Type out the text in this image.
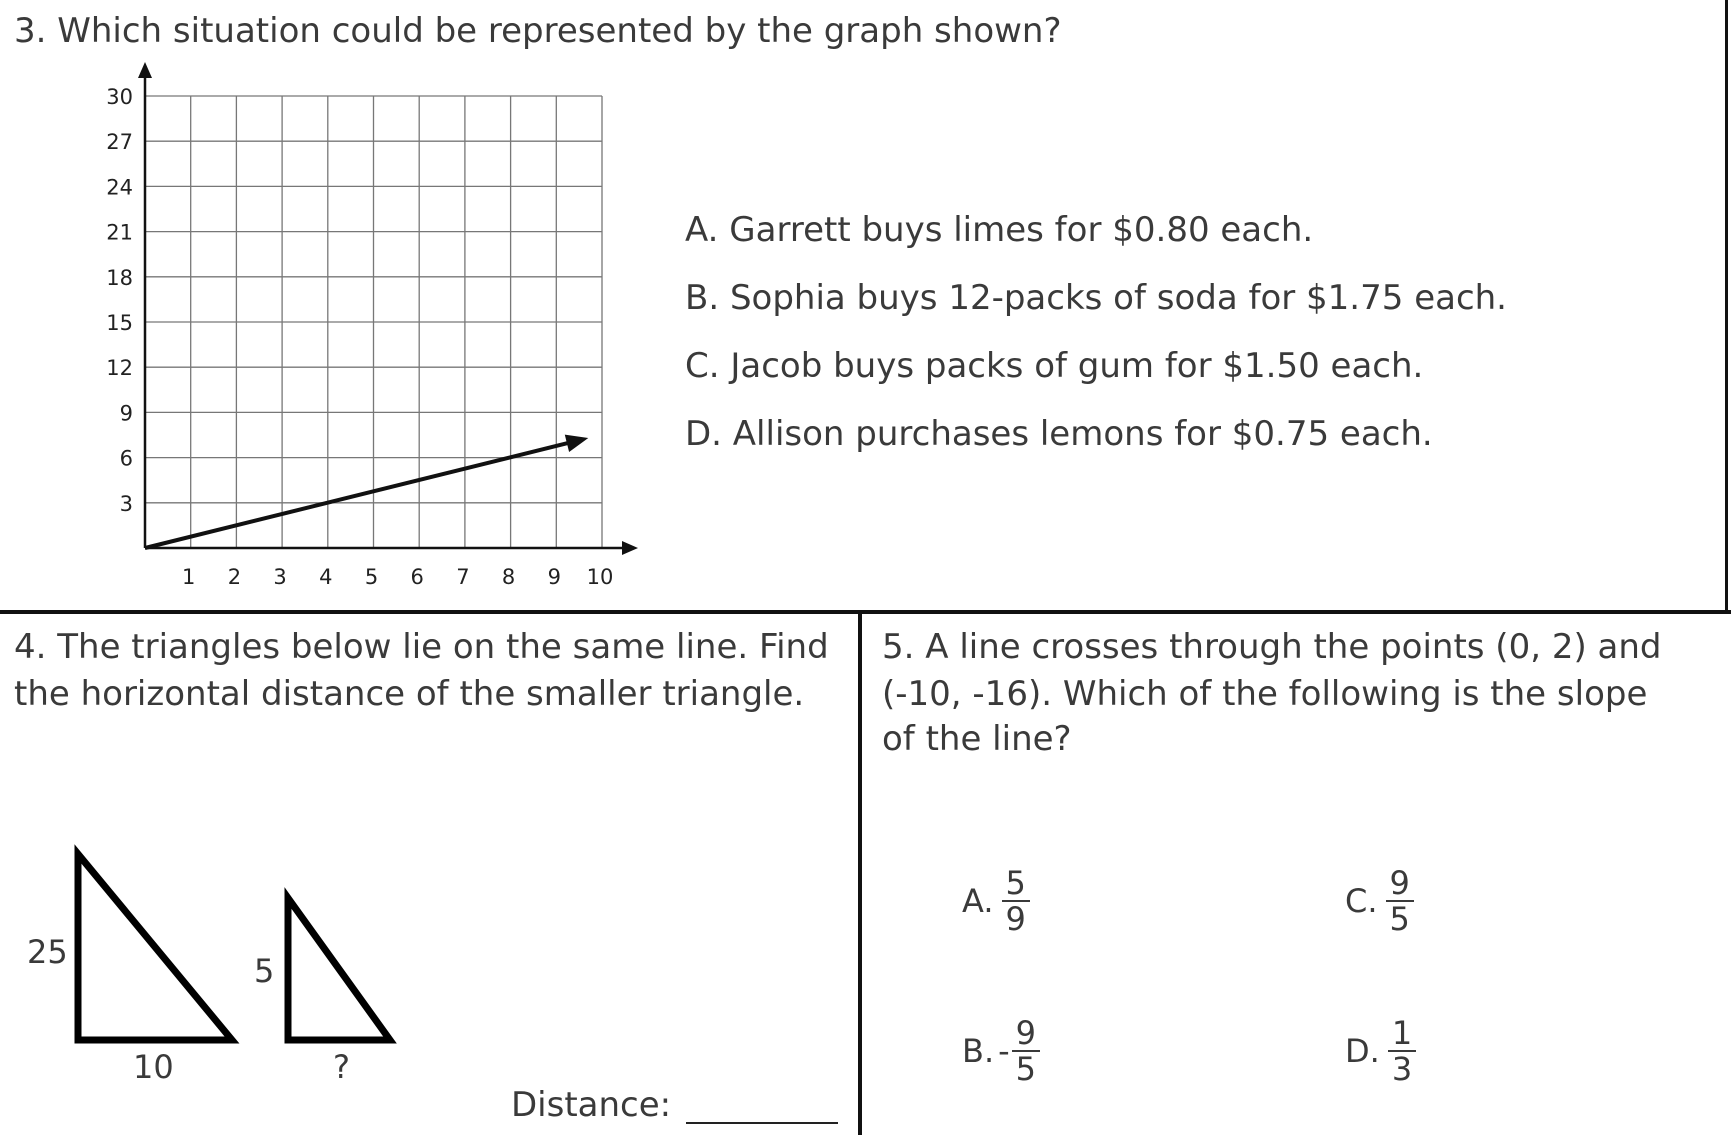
3. Which situation could be represented by the graph shown?
3
6
9
12
15
18
21
24
27
30
1 2 3 4 5 6 7 8 9 10
A. Garrett buys limes for $0.80 each.
B. Sophia buys 12-packs of soda for $1.75 each.
C. Jacob buys packs of gum for $1.50 each.
D. Allison purchases lemons for $0.75 each.
4. The triangles below lie on the same line. Find
the horizontal distance of the smaller triangle.
25
10
5
?
Distance:
5. A line crosses through the points (0, 2) and
(-10, -16). Which of the following is the slope
of the line?
A. $\frac{5}{9}$
B. - $\frac{9}{5}$
C. $\frac{9}{5}$
D. $\frac{1}{3}$
